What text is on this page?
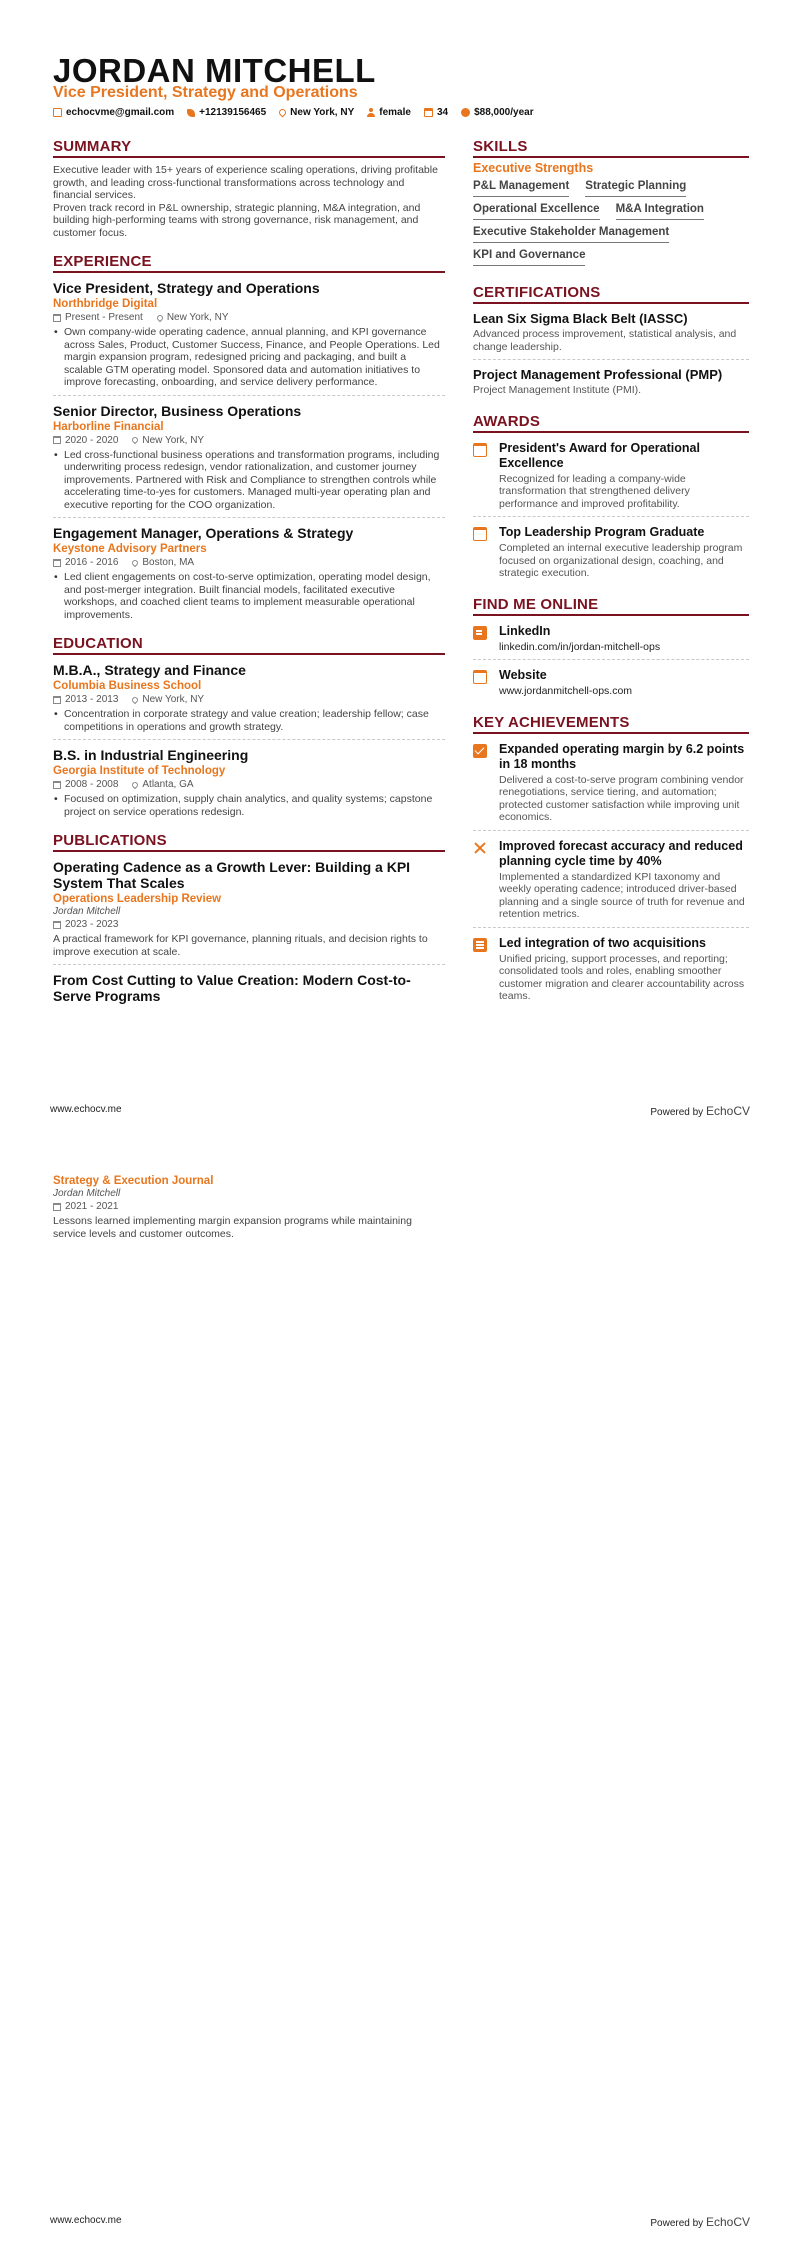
JORDAN MITCHELL
Vice President, Strategy and Operations
echocvme@gmail.com	+12139156465 New York, NY	female	34	$88,000/year
SUMMARY

Executive leader with 15+ years of experience scaling operations, driving profitable growth, and leading cross-functional transformations across technology and financial services.

Proven track record in P&L ownership, strategic planning, M&A integration, and building high-performing teams with strong governance, risk management, and customer focus.

EXPERIENCE
Vice President, Strategy and Operations
Northbridge Digital
Present - Present New York, NY
• Own company-wide operating cadence, annual planning, and KPI governance across Sales, Product, Customer Success, Finance, and People Operations. Led margin expansion program, redesigned pricing and packaging, and built a scalable GTM operating model. Sponsored data and automation initiatives to improve forecasting, onboarding, and service delivery performance.
Senior Director, Business Operations
Harborline Financial
2020 - 2020 New York, NY
• Led cross-functional business operations and transformation programs, including underwriting process redesign, vendor rationalization, and customer journey improvements. Partnered with Risk and Compliance to strengthen controls while accelerating time-to-yes for customers. Managed multi-year operating plan and executive reporting for the COO organization.
Engagement Manager, Operations & Strategy
Keystone Advisory Partners
2016 - 2016 Boston, MA
• Led client engagements on cost-to-serve optimization, operating model design, and post-merger integration. Built financial models, facilitated executive workshops, and coached client teams to implement measurable operational improvements.
EDUCATION
M.B.A., Strategy and Finance
Columbia Business School
2013 - 2013 New York, NY
• Concentration in corporate strategy and value creation; leadership fellow; case competitions in operations and growth strategy.
B.S. in Industrial Engineering
Georgia Institute of Technology
2008 - 2008 Atlanta, GA
• Focused on optimization, supply chain analytics, and quality systems; capstone project on service operations redesign.
PUBLICATIONS
Operating Cadence as a Growth Lever: Building a KPI System That Scales
Operations Leadership Review
Jordan Mitchell
2023 - 2023

A practical framework for KPI governance, planning rituals, and decision rights to improve execution at scale.

From Cost Cutting to Value Creation: Modern Cost-to-Serve Programs
SKILLS
Executive Strengths
P&L Management Strategic Planning
Operational Excellence M&A Integration
Executive Stakeholder Management
KPI and Governance
CERTIFICATIONS
Lean Six Sigma Black Belt (IASSC)
Advanced process improvement, statistical analysis, and change leadership.
Project Management Professional (PMP)
Project Management Institute (PMI).
AWARDS
President's Award for Operational Excellence
Recognized for leading a company-wide transformation that strengthened delivery performance and improved profitability.
Top Leadership Program Graduate
Completed an internal executive leadership program focused on organizational design, coaching, and strategic execution.
FIND ME ONLINE
LinkedIn
linkedin.com/in/jordan-mitchell-ops
Website
www.jordanmitchell-ops.com
KEY ACHIEVEMENTS
Expanded operating margin by 6.2 points in 18 months
Delivered a cost-to-serve program combining vendor renegotiations, service tiering, and automation; protected customer satisfaction while improving unit economics.
Improved forecast accuracy and reduced planning cycle time by 40%
Implemented a standardized KPI taxonomy and weekly operating cadence; introduced driver-based planning and a single source of truth for revenue and retention metrics.
Led integration of two acquisitions
Unified pricing, support processes, and reporting; consolidated tools and roles, enabling smoother customer migration and clearer accountability across teams.
www.echocv.me	Powered by EchoCV
Strategy & Execution Journal
Jordan Mitchell
2021 - 2021

Lessons learned implementing margin expansion programs while maintaining service levels and customer outcomes.

www.echocv.me	Powered by EchoCV
